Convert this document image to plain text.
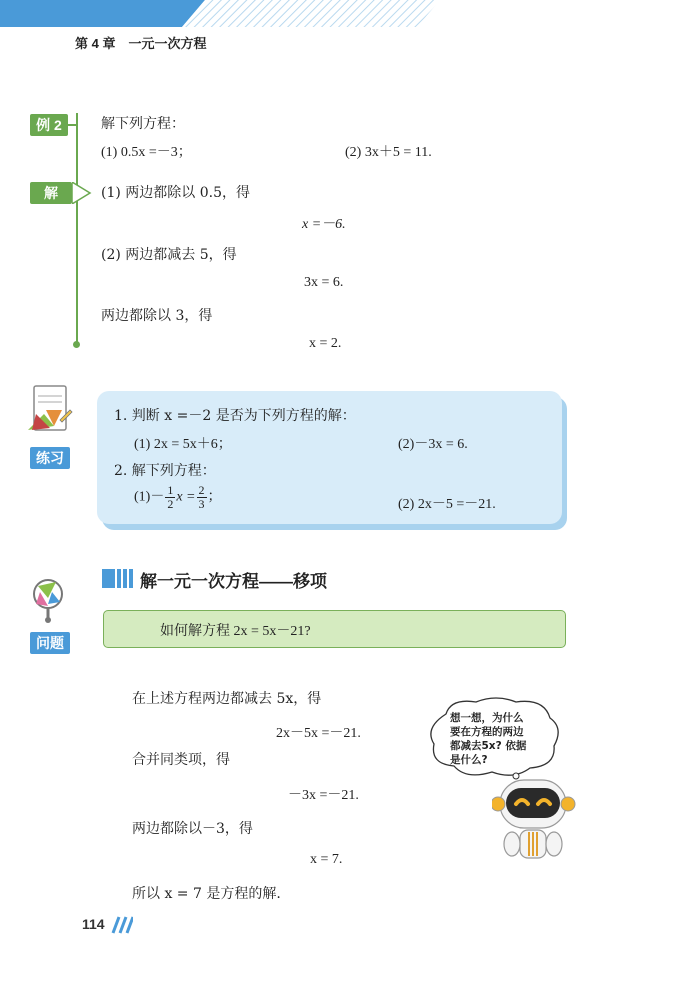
第 4 章　一元一次方程
例 2	解下列方程：
(1) 0.5x =－3；	(2) 3x＋5 = 11.
解	(1) 两边都除以 0.5，得
x =－6.
(2) 两边都减去 5，得
3x = 6.
两边都除以 3，得
x = 2.
练习
1. 判断 x =－2 是否为下列方程的解：
(1) 2x = 5x＋6；	(2)－3x = 6.
2. 解下列方程：
$(1)- \frac{1}{2}$ $x = \frac{2}{3}$ ；	(2) 2x－5 =－21.
解一元一次方程——移项
问题
如何解方程 2x = 5x－21?
在上述方程两边都减去 5x，得
2x－5x =－21.
合并同类项，得
－3x =－21.
两边都除以－3，得
x = 7.
所以 x = 7 是方程的解.
想一想，为什么
要在方程的两边
都减去5x? 依据
是什么?
114
